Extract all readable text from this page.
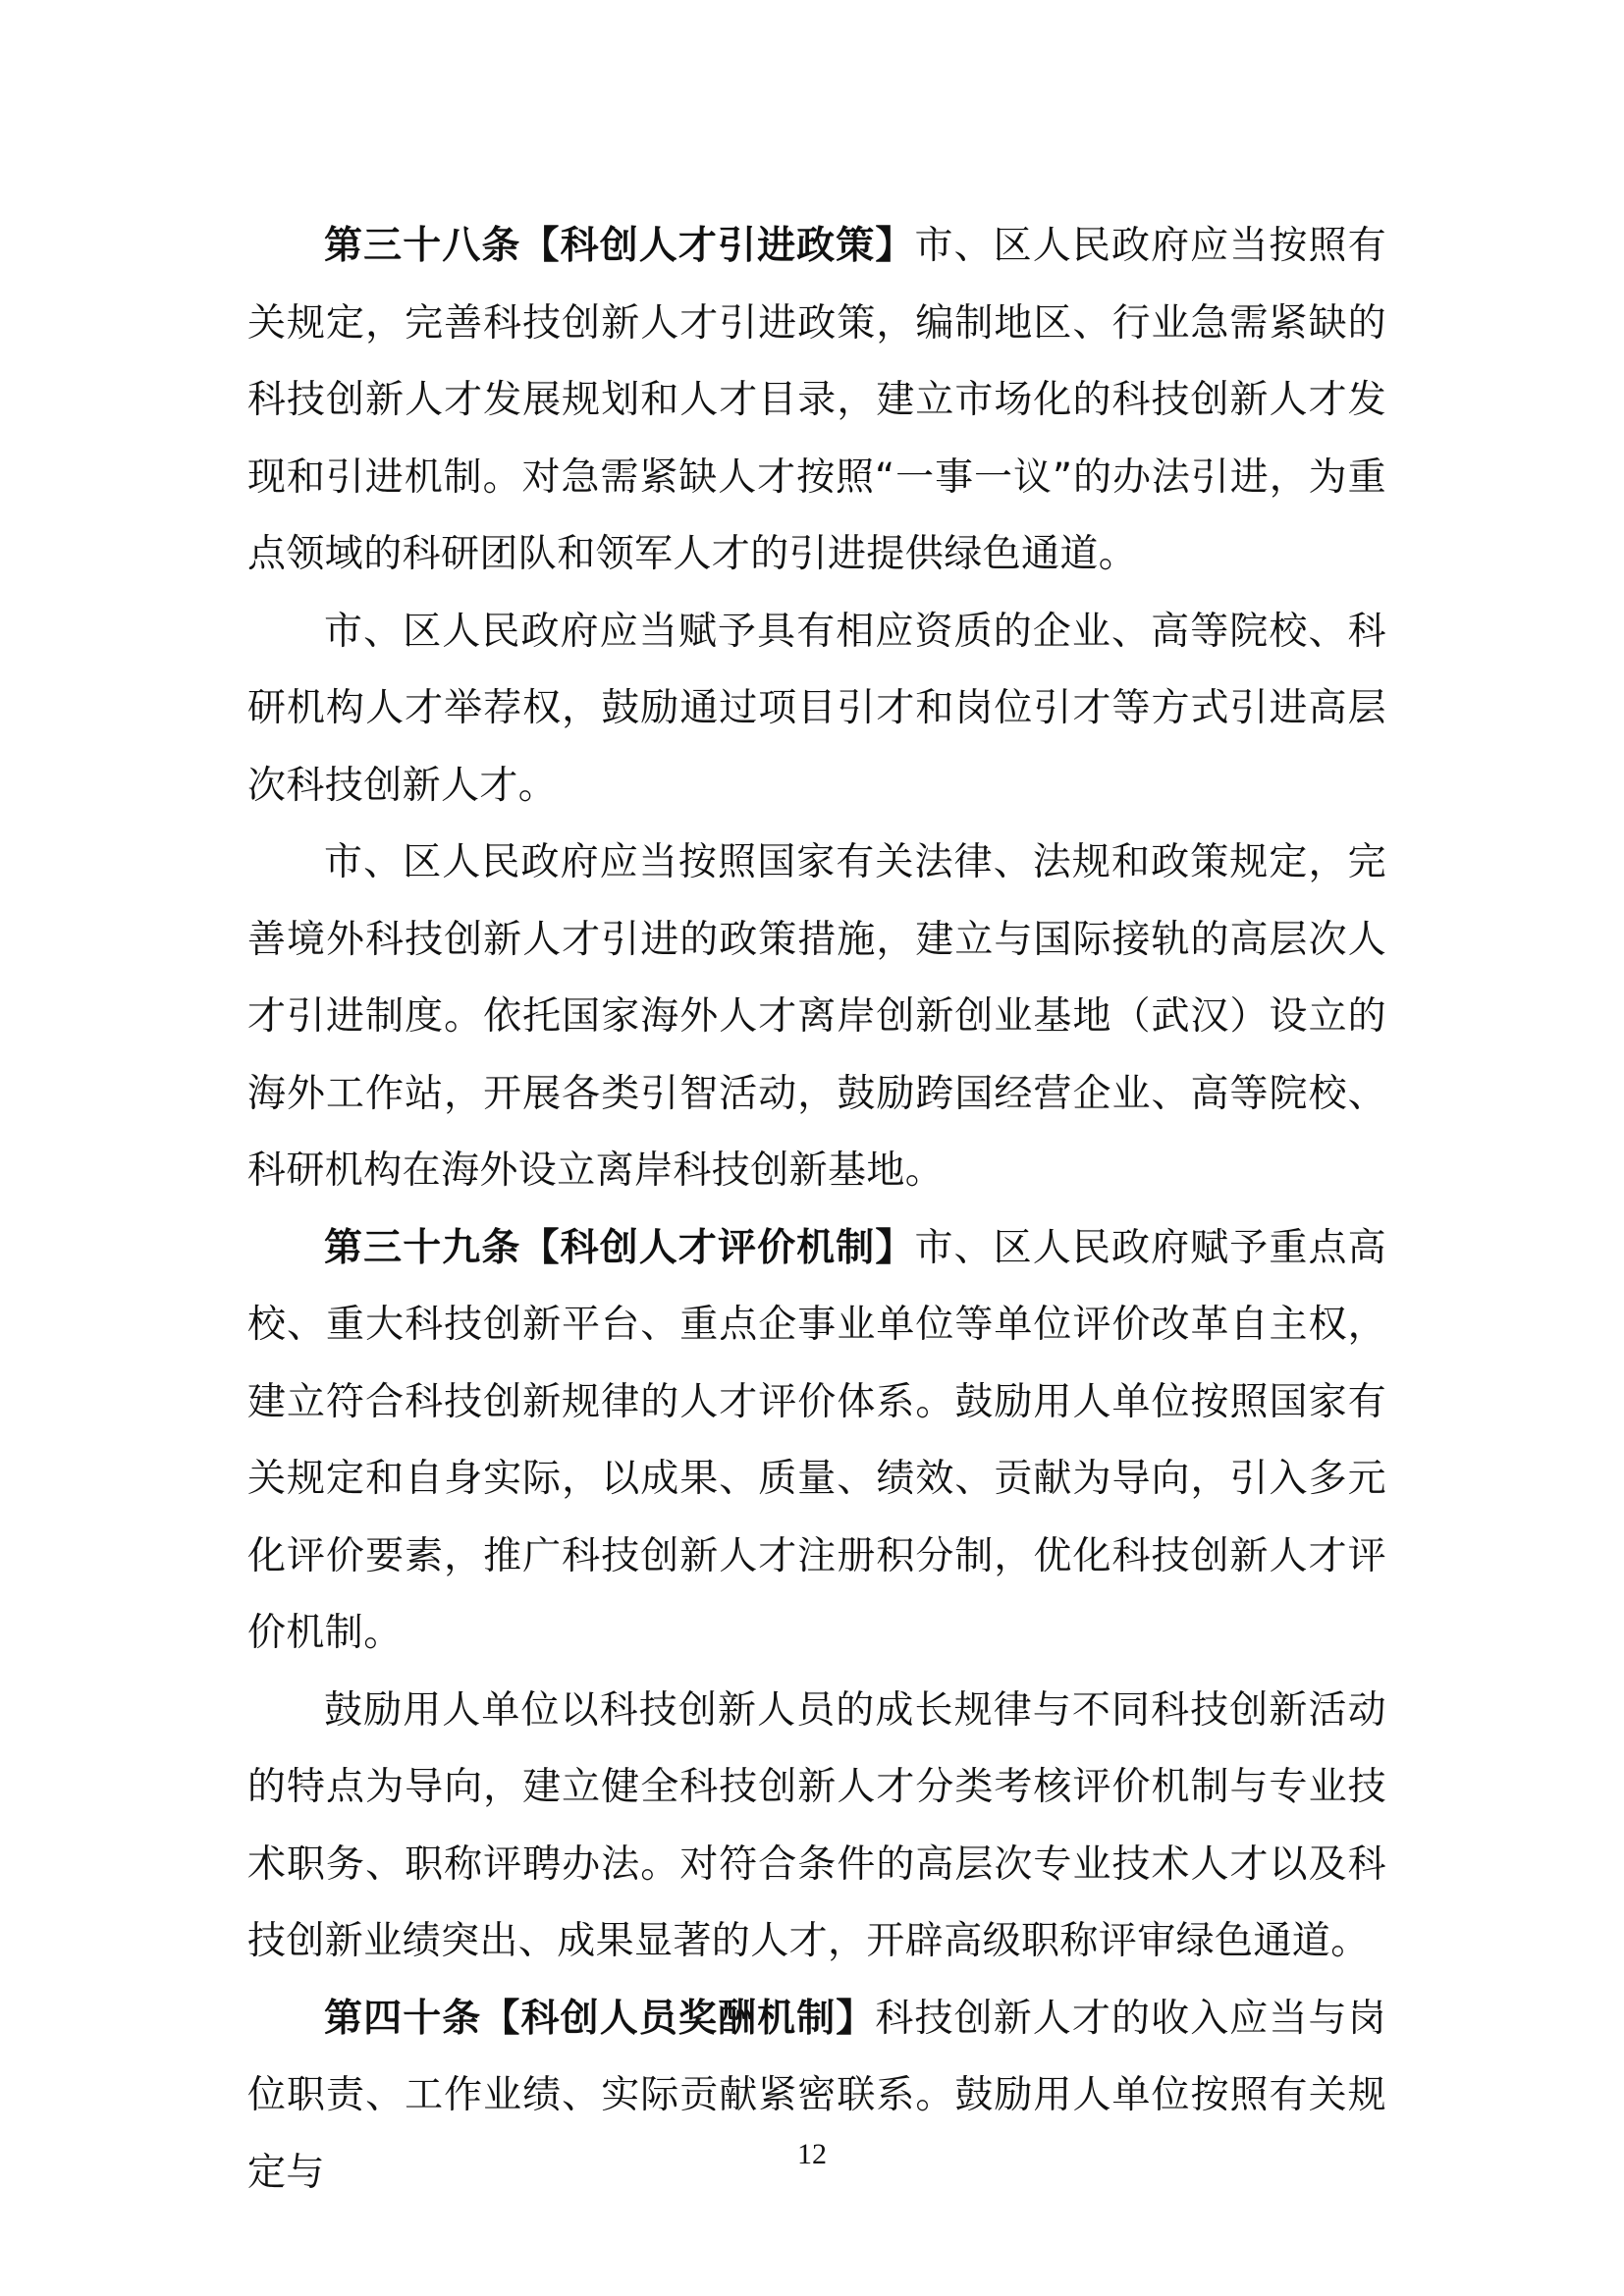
第三十八条【科创人才引进政策】市、区人民政府应当按照有关规定，完善科技创新人才引进政策，编制地区、行业急需紧缺的科技创新人才发展规划和人才目录，建立市场化的科技创新人才发现和引进机制。对急需紧缺人才按照“一事一议”的办法引进，为重点领域的科研团队和领军人才的引进提供绿色通道。

市、区人民政府应当赋予具有相应资质的企业、高等院校、科研机构人才举荐权，鼓励通过项目引才和岗位引才等方式引进高层次科技创新人才。

市、区人民政府应当按照国家有关法律、法规和政策规定，完善境外科技创新人才引进的政策措施，建立与国际接轨的高层次人才引进制度。依托国家海外人才离岸创新创业基地（武汉）设立的海外工作站，开展各类引智活动，鼓励跨国经营企业、高等院校、科研机构在海外设立离岸科技创新基地。

第三十九条【科创人才评价机制】市、区人民政府赋予重点高校、重大科技创新平台、重点企事业单位等单位评价改革自主权，建立符合科技创新规律的人才评价体系。鼓励用人单位按照国家有关规定和自身实际，以成果、质量、绩效、贡献为导向，引入多元化评价要素，推广科技创新人才注册积分制，优化科技创新人才评价机制。

鼓励用人单位以科技创新人员的成长规律与不同科技创新活动的特点为导向，建立健全科技创新人才分类考核评价机制与专业技术职务、职称评聘办法。对符合条件的高层次专业技术人才以及科技创新业绩突出、成果显著的人才，开辟高级职称评审绿色通道。

第四十条【科创人员奖酬机制】科技创新人才的收入应当与岗位职责、工作业绩、实际贡献紧密联系。鼓励用人单位按照有关规定与	12
